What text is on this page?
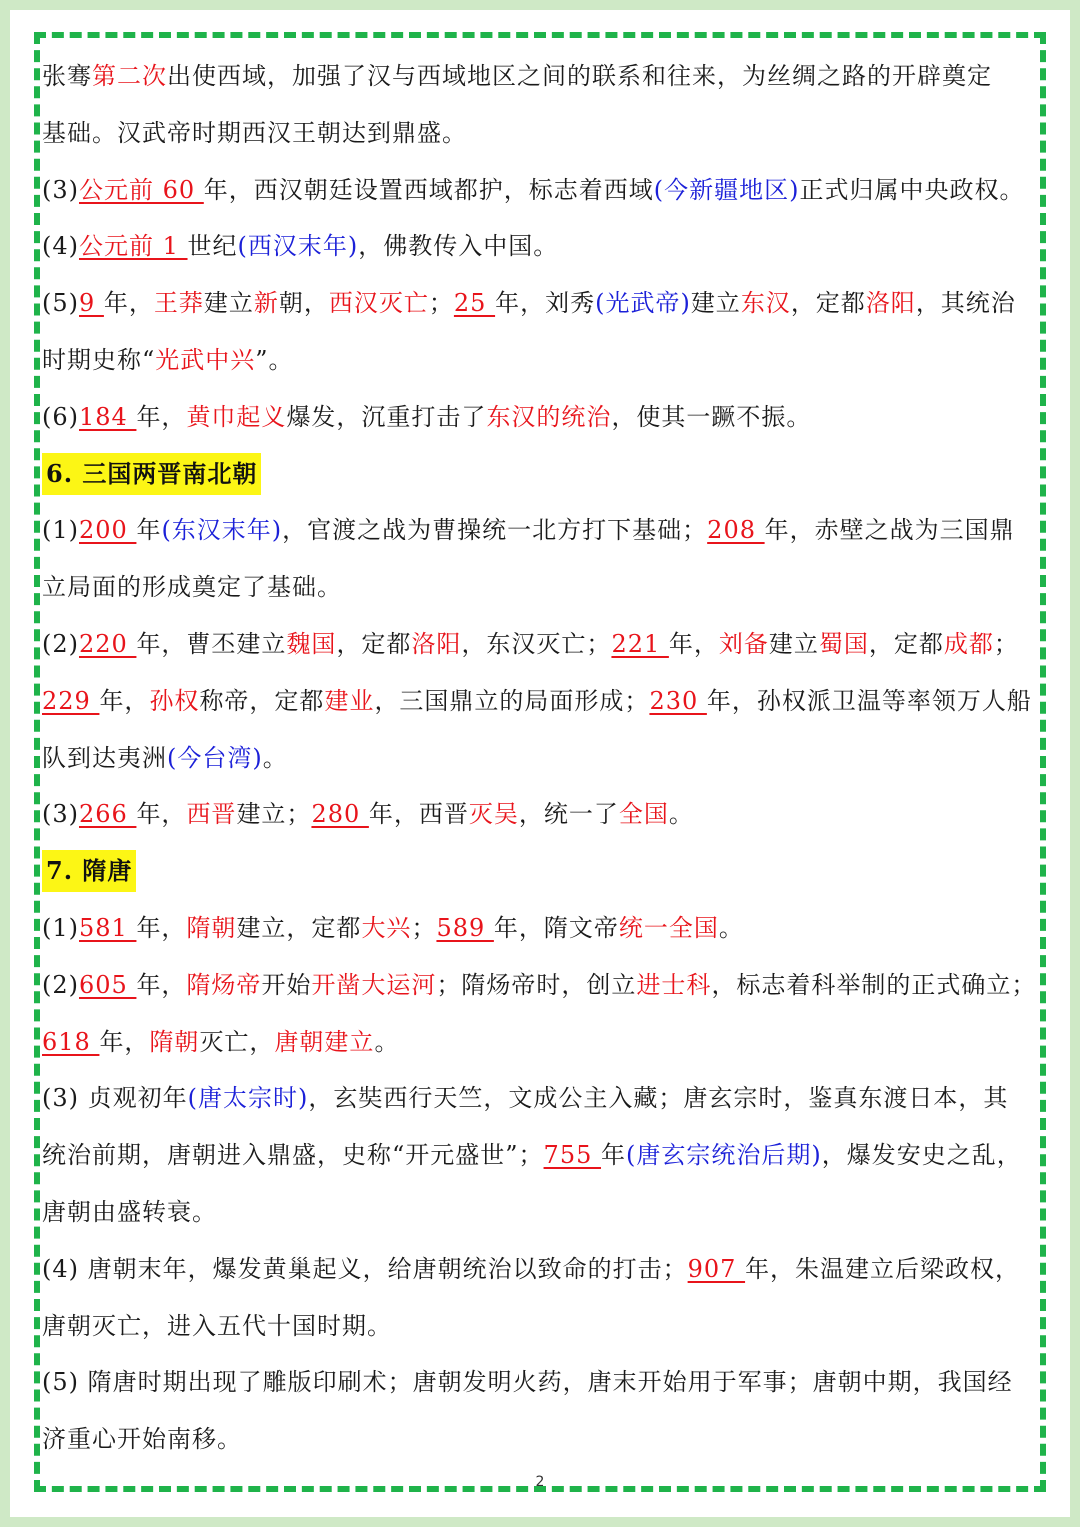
张骞第二次出使西域，加强了汉与西域地区之间的联系和往来，为丝绸之路的开辟奠定
基础。汉武帝时期西汉王朝达到鼎盛。
(3)公元前 60 年，西汉朝廷设置西域都护，标志着西域(今新疆地区)正式归属中央政权。
(4)公元前 1 世纪(西汉末年)，佛教传入中国。
(5)9 年，王莽建立新朝，西汉灭亡；25 年，刘秀(光武帝)建立东汉，定都洛阳，其统治
时期史称“光武中兴”。
(6)184 年，黄巾起义爆发，沉重打击了东汉的统治，使其一蹶不振。
6. 三国两晋南北朝
(1)200 年(东汉末年)，官渡之战为曹操统一北方打下基础；208 年，赤壁之战为三国鼎
立局面的形成奠定了基础。
(2)220 年，曹丕建立魏国，定都洛阳，东汉灭亡；221 年，刘备建立蜀国，定都成都；
229 年，孙权称帝，定都建业，三国鼎立的局面形成；230 年，孙权派卫温等率领万人船
队到达夷洲(今台湾)。
(3)266 年，西晋建立；280 年，西晋灭吴，统一了全国。
7. 隋唐
(1)581 年，隋朝建立，定都大兴；589 年，隋文帝统一全国。
(2)605 年，隋炀帝开始开凿大运河；隋炀帝时，创立进士科，标志着科举制的正式确立；
618 年，隋朝灭亡，唐朝建立。
(3) 贞观初年(唐太宗时)，玄奘西行天竺，文成公主入藏；唐玄宗时，鉴真东渡日本，其
统治前期，唐朝进入鼎盛，史称“开元盛世”；755 年(唐玄宗统治后期)，爆发安史之乱，
唐朝由盛转衰。
(4) 唐朝末年，爆发黄巢起义，给唐朝统治以致命的打击；907 年，朱温建立后梁政权，
唐朝灭亡，进入五代十国时期。
(5) 隋唐时期出现了雕版印刷术；唐朝发明火药，唐末开始用于军事；唐朝中期，我国经
济重心开始南移。
2
